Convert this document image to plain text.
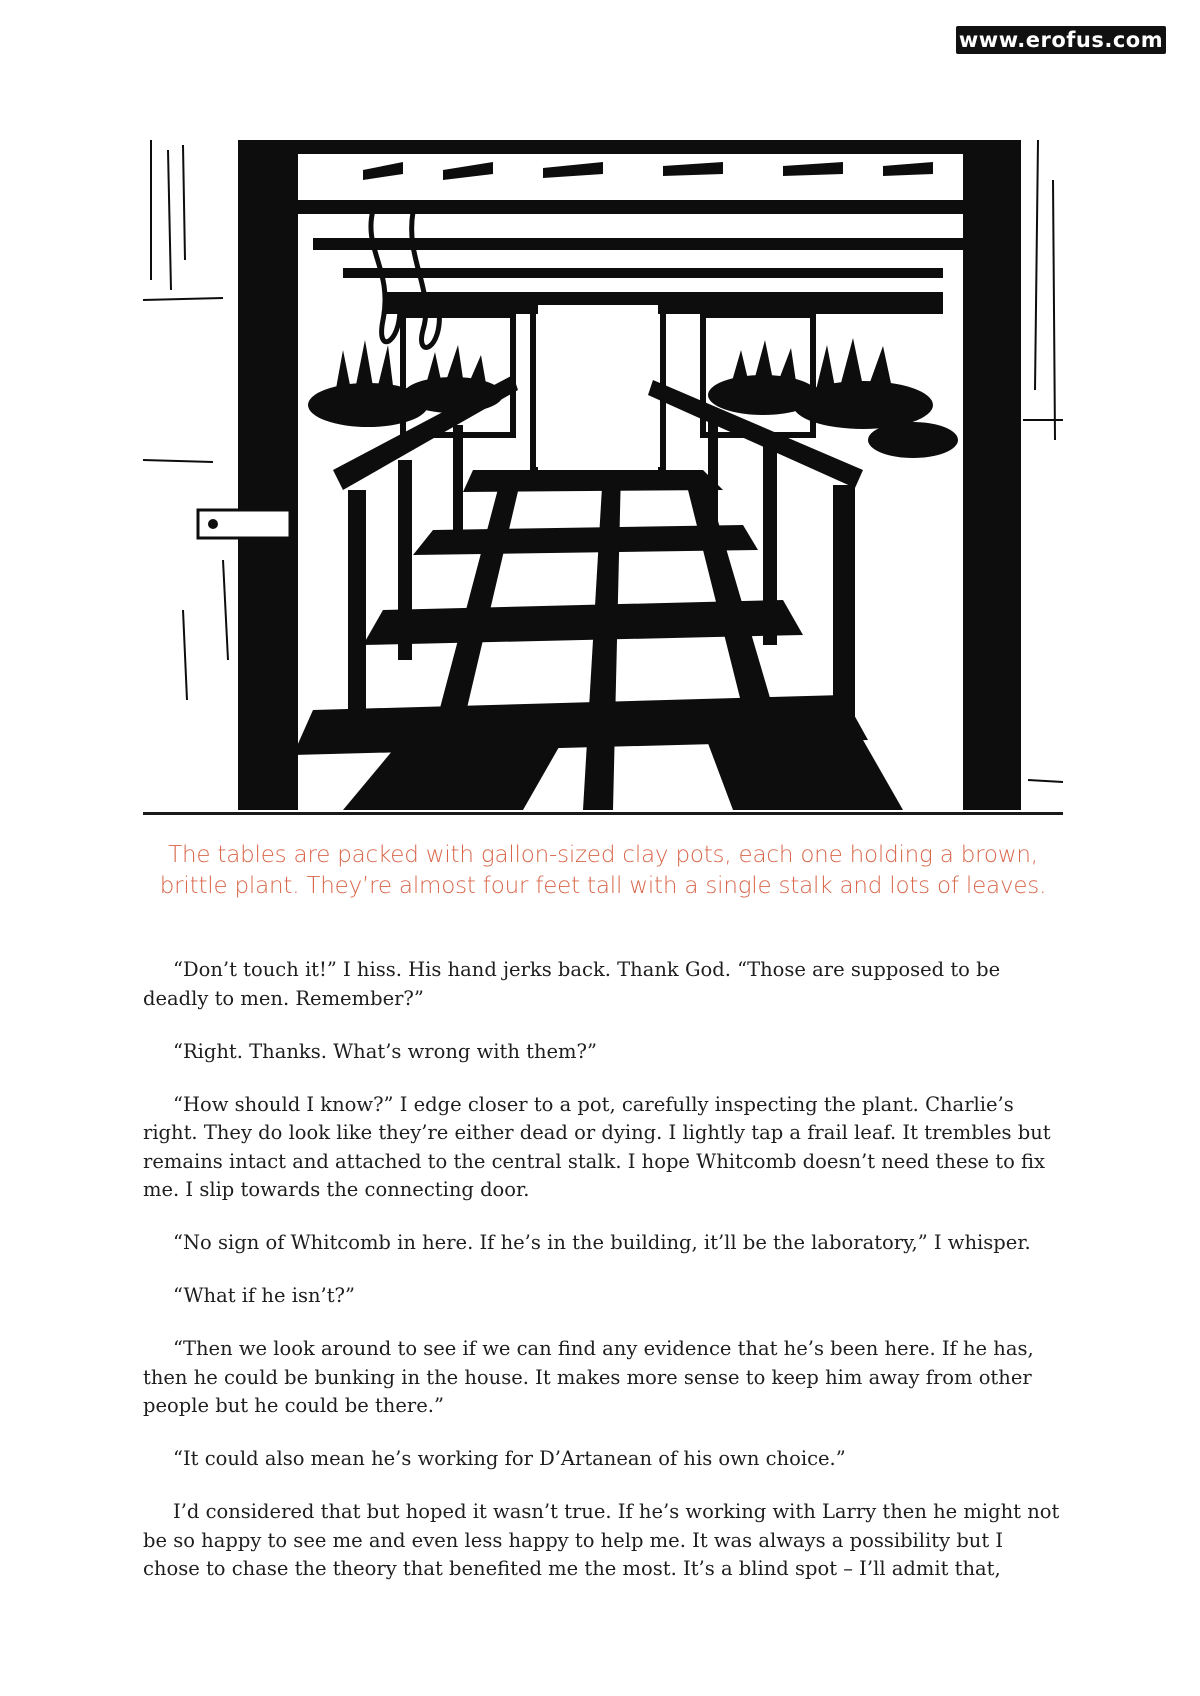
www.erofus.com
The tables are packed with gallon-sized clay pots, each one holding a brown, brittle plant. They’re almost four feet tall with a single stalk and lots of leaves.

“Don’t touch it!” I hiss. His hand jerks back. Thank God. “Those are supposed to be deadly to men. Remember?”

“Right. Thanks. What’s wrong with them?”

“How should I know?” I edge closer to a pot, carefully inspecting the plant. Charlie’s right. They do look like they’re either dead or dying. I lightly tap a frail leaf. It trembles but remains intact and attached to the central stalk. I hope Whitcomb doesn’t need these to fix me. I slip towards the connecting door.

“No sign of Whitcomb in here. If he’s in the building, it’ll be the laboratory,” I whisper.

“What if he isn’t?”

“Then we look around to see if we can find any evidence that he’s been here. If he has, then he could be bunking in the house. It makes more sense to keep him away from other people but he could be there.”

“It could also mean he’s working for D’Artanean of his own choice.”

I’d considered that but hoped it wasn’t true. If he’s working with Larry then he might not be so happy to see me and even less happy to help me. It was always a possibility but I chose to chase the theory that benefited me the most. It’s a blind spot – I’ll admit that,
